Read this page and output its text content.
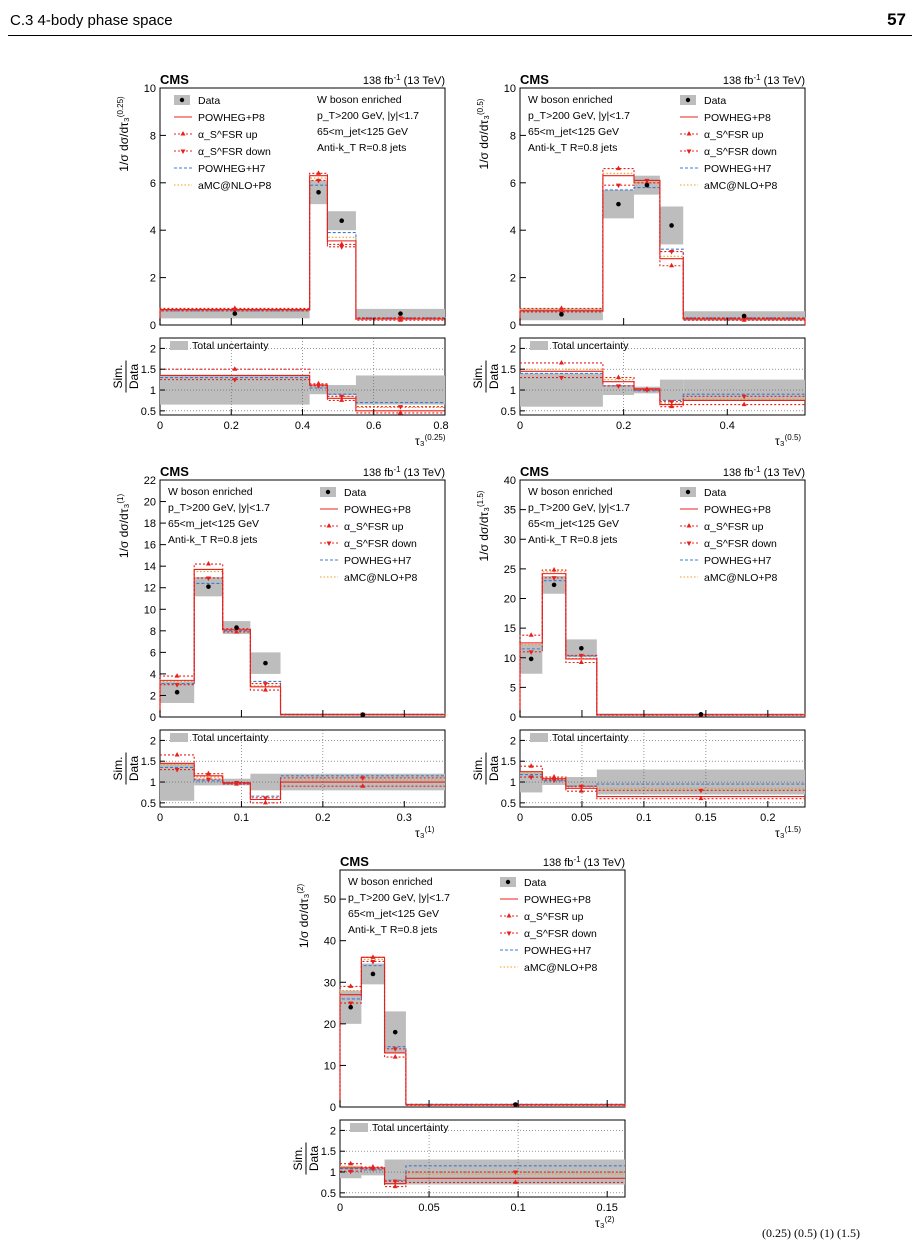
C.3 4-body phase space	57
CMS	138 $fb^{-1}$ (13 TeV)
0
2
4
6
8
10
1/σ dσ/dτ₃$^{(0.25)}$	W boson enriched
p_T>200 GeV, |y|<1.7
65<m_jet<125 GeV
Anti-k_T R=0.8 jets
Data
POWHEG+P8
α_S^FSR up
α_S^FSR down
POWHEG+H7
aMC@NLO+P8
Total uncertainty
0.5
1
1.5
2
Sim. Data
0	0.2	0.4	0.6	0.8
τ₃$^{(0.25)}$
CMS	138 $fb^{-1}$ (13 TeV)
0
2
4
6
8
10
1/σ dσ/dτ₃$^{(0.5)}$	W boson enriched
p_T>200 GeV, |y|<1.7
65<m_jet<125 GeV
Anti-k_T R=0.8 jets
Data
POWHEG+P8
α_S^FSR up
α_S^FSR down
POWHEG+H7
aMC@NLO+P8
Total uncertainty
0.5
1
1.5
2
Sim. Data
0	0.2	0.4
τ₃$^{(0.5)}$
CMS	138 $fb^{-1}$ (13 TeV)
0
2
4
6
8
10
12
14
16
18
20
22
1/σ dσ/dτ₃$^{(1)}$
W boson enriched
p_T>200 GeV, |y|<1.7
65<m_jet<125 GeV
Anti-k_T R=0.8 jets
Data
POWHEG+P8
α_S^FSR up
α_S^FSR down
POWHEG+H7
aMC@NLO+P8
Total uncertainty
0.5
1
1.5
2
Sim. Data
0	0.1	0.2	0.3
τ₃$^{(1)}$
CMS	138 $fb^{-1}$ (13 TeV)
0
5
10
15
20
25
30
35
40
1/σ dσ/dτ₃$^{(1.5)}$	W boson enriched
p_T>200 GeV, |y|<1.7
65<m_jet<125 GeV
Anti-k_T R=0.8 jets
Data
POWHEG+P8
α_S^FSR up
α_S^FSR down
POWHEG+H7
aMC@NLO+P8
Total uncertainty
0.5
1
1.5
2
Sim. Data
0	0.05	0.1	0.15	0.2
τ₃$^{(1.5)}$
CMS	138 $fb^{-1}$ (13 TeV)
0
10
20
30
40
50
1/σ dσ/dτ₃$^{(2)}$
W boson enriched
p_T>200 GeV, |y|<1.7
65<m_jet<125 GeV
Anti-k_T R=0.8 jets
Data
POWHEG+P8
α_S^FSR up
α_S^FSR down
POWHEG+H7
aMC@NLO+P8
Total uncertainty
0.5
1
1.5
2
Sim. Data
0	0.05	0.1	0.15
τ₃$^{(2)}$
(0.25) (0.5) (1) (1.5)
